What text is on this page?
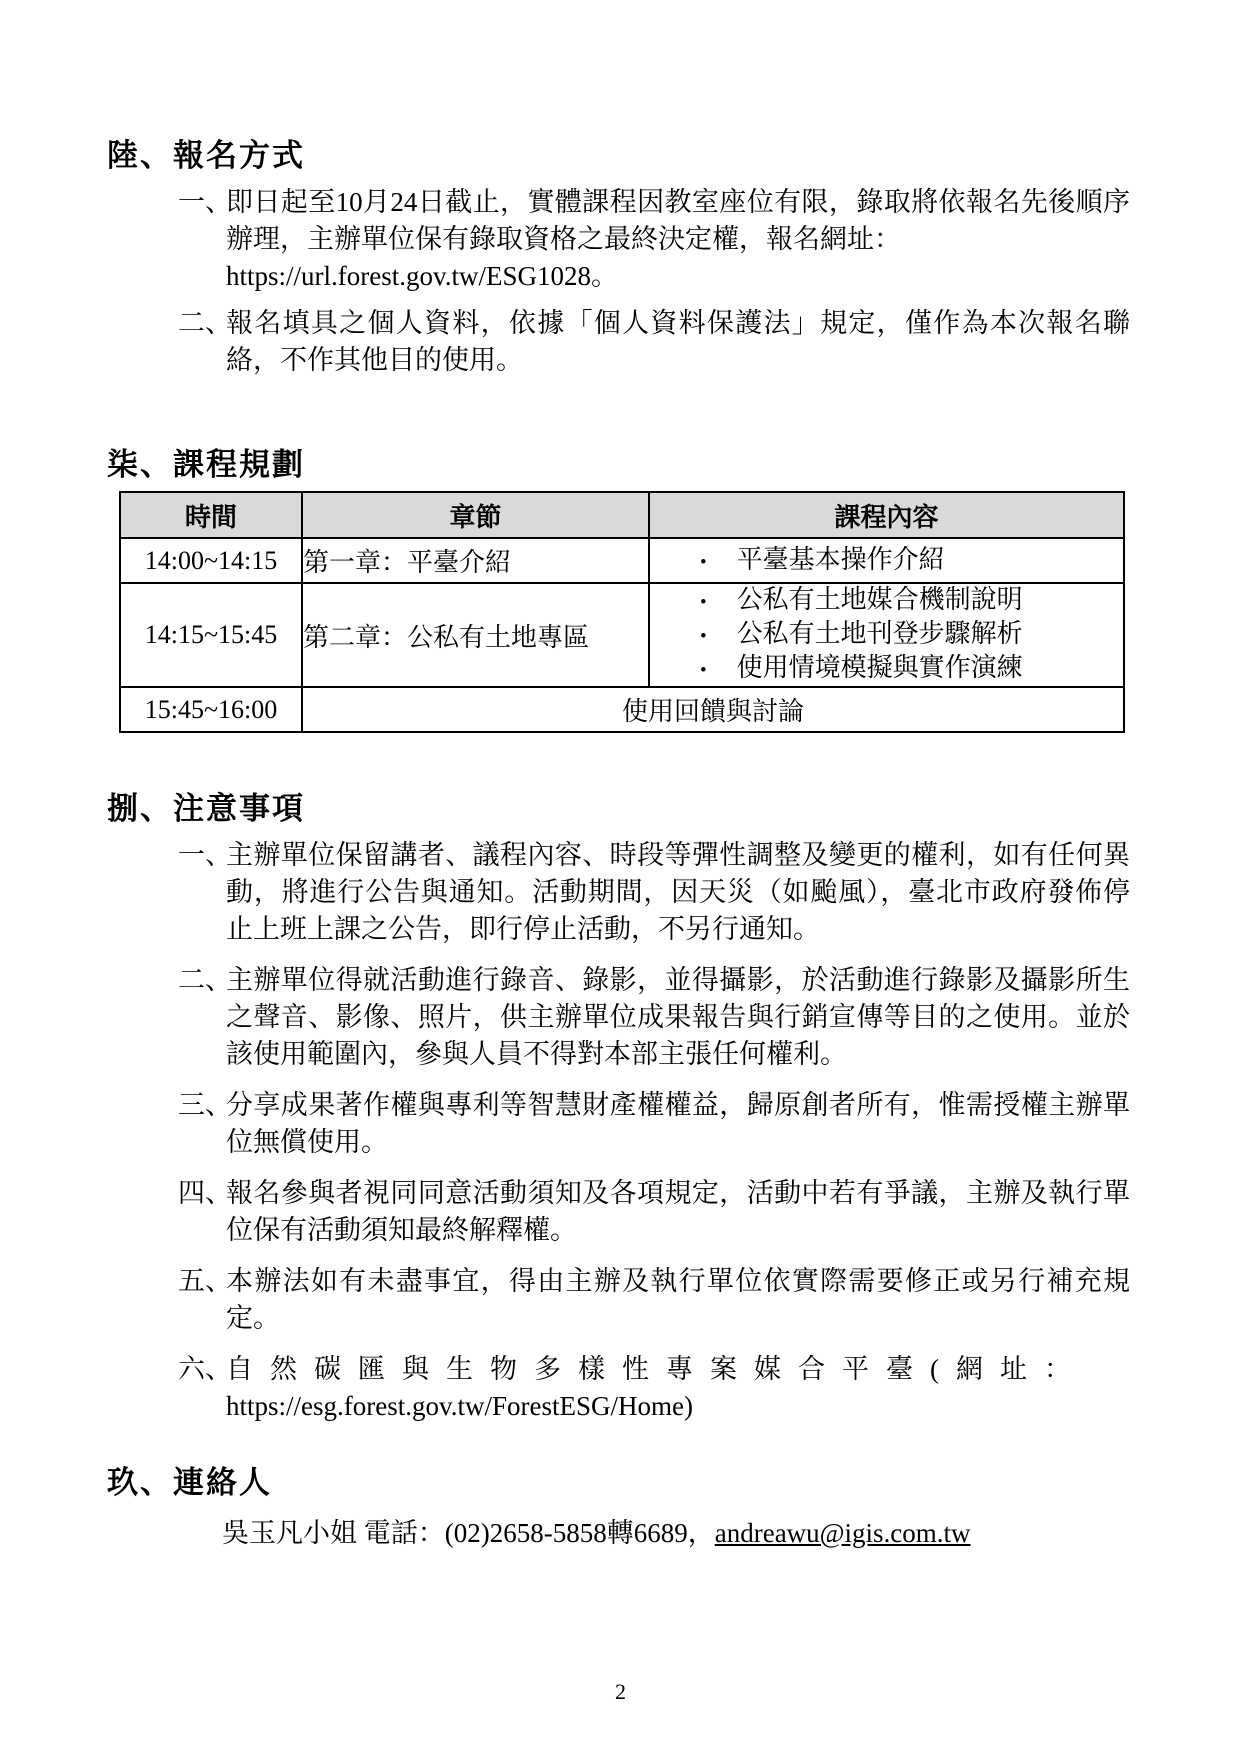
陸、報名方式
一、
即日起至10月24日截止，實體課程因教室座位有限，錄取將依報名先後順序辦理，主辦單位保有錄取資格之最終決定權，報名網址：
https://url.forest.gov.tw/ESG1028。
二、
報名填具之個人資料，依據「個人資料保護法」規定，僅作為本次報名聯絡，不作其他目的使用。
柒、課程規劃
時間	章節	課程內容
14:00~14:15	第一章：平臺介紹	• 平臺基本操作介紹

14:15~15:45	第二章：公私有土地專區	
• 公私有土地媒合機制說明
• 公私有土地刊登步驟解析
• 使用情境模擬與實作演練

15:45~16:00	使用回饋與討論	
捌、注意事項
一、
主辦單位保留講者、議程內容、時段等彈性調整及變更的權利，如有任何異動，將進行公告與通知。活動期間，因天災（如颱風），臺北市政府發佈停止上班上課之公告，即行停止活動，不另行通知。
二、
主辦單位得就活動進行錄音、錄影，並得攝影，於活動進行錄影及攝影所生之聲音、影像、照片，供主辦單位成果報告與行銷宣傳等目的之使用。並於該使用範圍內，參與人員不得對本部主張任何權利。
三、
分享成果著作權與專利等智慧財產權權益，歸原創者所有，惟需授權主辦單位無償使用。
四、
報名參與者視同同意活動須知及各項規定，活動中若有爭議，主辦及執行單位保有活動須知最終解釋權。
五、
本辦法如有未盡事宜，得由主辦及執行單位依實際需要修正或另行補充規定。
六、
自然碳匯與生物多樣性專案媒合平臺(網址：
https://esg.forest.gov.tw/ForestESG/Home)
玖、連絡人
吳玉凡小姐 電話：(02)2658-5858轉6689，andreawu@igis.com.tw
2
